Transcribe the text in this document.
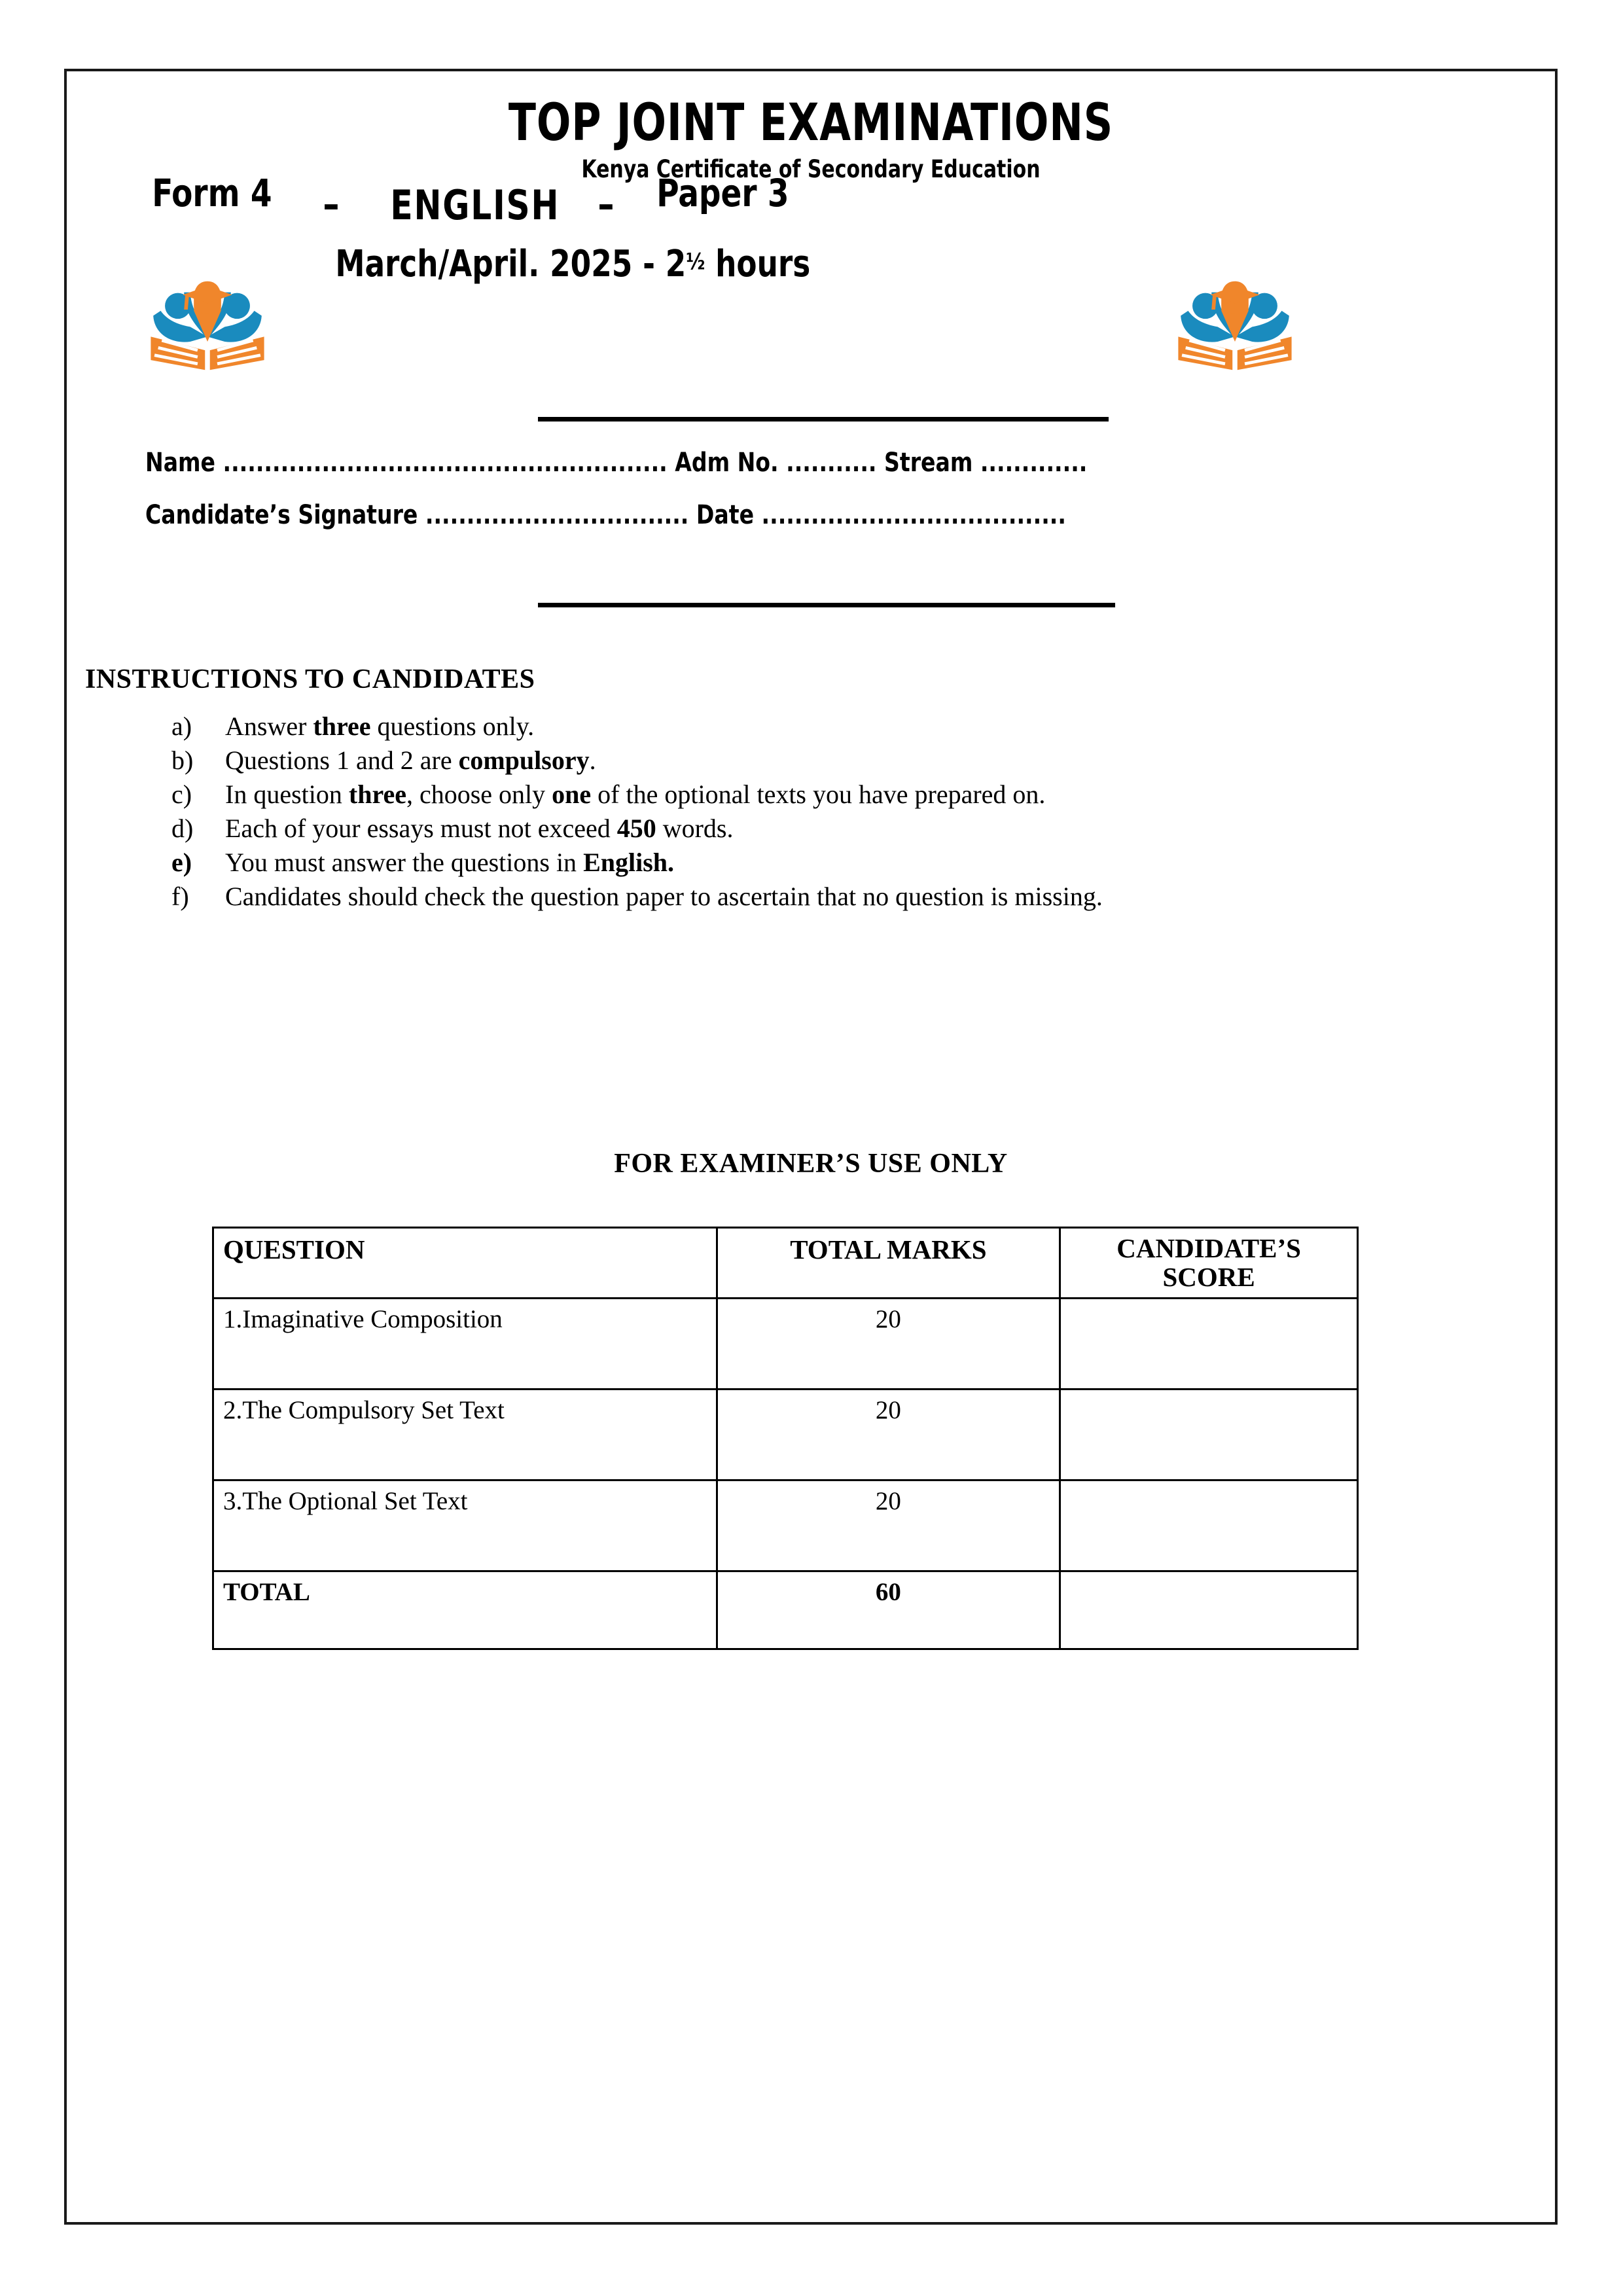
TOP JOINT EXAMINATIONS
Kenya Certificate of Secondary Education
Form 4 – ENGLISH – Paper 3
March/April. 2025 - 2½ hours
Name ...................................................... Adm No. ........... Stream .............
Candidate’s Signature ................................ Date .....................................
INSTRUCTIONS TO CANDIDATES
a) Answer three questions only.
b) Questions 1 and 2 are compulsory.
c) In question three, choose only one of the optional texts you have prepared on.
d) Each of your essays must not exceed 450 words.
e) You must answer the questions in English.
f) Candidates should check the question paper to ascertain that no question is missing.
FOR EXAMINER’S USE ONLY
QUESTION	TOTAL MARKS	CANDIDATE’S
SCORE
1.Imaginative Composition	20	
2.The Compulsory Set Text	20	
3.The Optional Set Text	20	
TOTAL	60	
